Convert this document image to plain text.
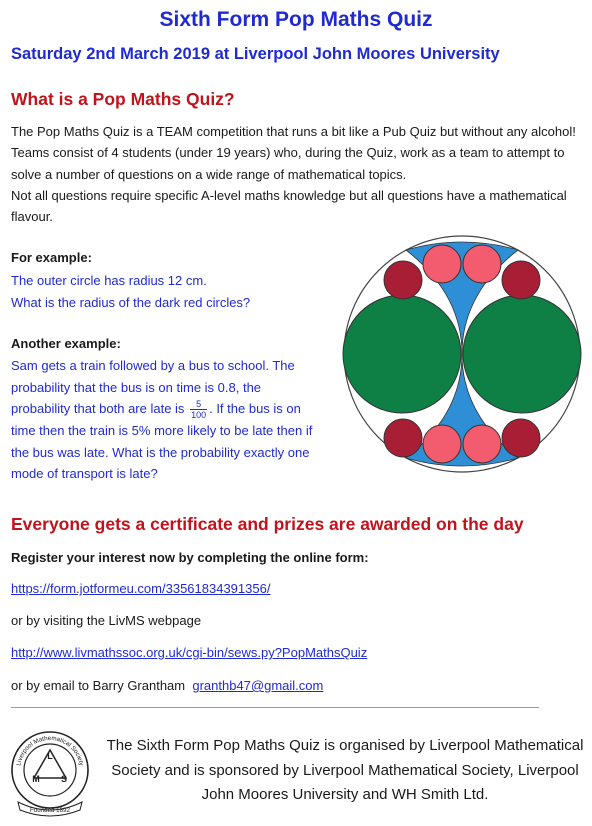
Sixth Form Pop Maths Quiz
Saturday 2nd March 2019 at Liverpool John Moores University
What is a Pop Maths Quiz?

The Pop Maths Quiz is a TEAM competition that runs a bit like a Pub Quiz but without any alcohol! Teams consist of 4 students (under 19 years) who, during the Quiz, work as a team to attempt to solve a number of questions on a wide range of mathematical topics.

Not all questions require specific A-level maths knowledge but all questions have a mathematical flavour.

For example:
The outer circle has radius 12 cm.
What is the radius of the dark red circles?
Another example:
Sam gets a train followed by a bus to school. The probability that the bus is on time is 0.8, the probability that both are late is $\frac{5}{100}$ . If the bus is on time then the train is 5% more likely to be late then if the bus was late. What is the probability exactly one mode of transport is late?
Everyone gets a certificate and prizes are awarded on the day
Register your interest now by completing the online form:
https://form.jotformeu.com/33561834391356/
or by visiting the LivMS webpage
http://www.livmathssoc.org.uk/cgi-bin/sews.py?PopMathsQuiz
or by email to Barry Grantham granthb47@gmail.com
Liverpool Mathematical Society
L
M S
Founded 1892
The Sixth Form Pop Maths Quiz is organised by Liverpool Mathematical Society and is sponsored by Liverpool Mathematical Society, Liverpool John Moores University and WH Smith Ltd.
